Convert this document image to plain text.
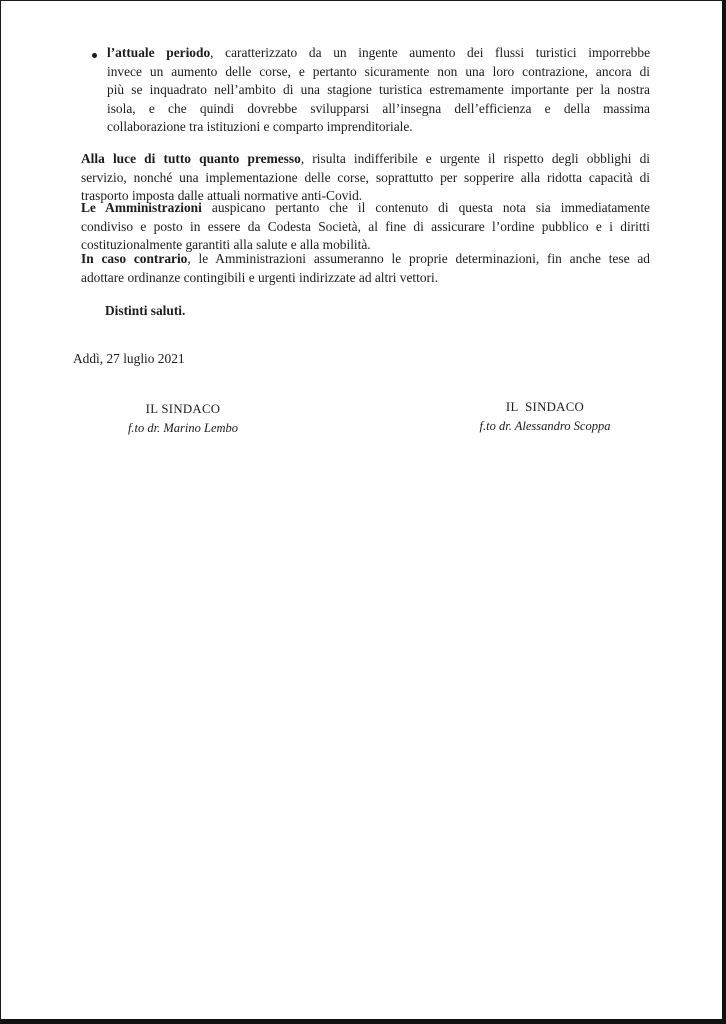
l’attuale periodo, caratterizzato da un ingente aumento dei flussi turistici imporrebbe
invece un aumento delle corse, e pertanto sicuramente non una loro contrazione, ancora di
più se inquadrato nell’ambito di una stagione turistica estremamente importante per la nostra
isola, e che quindi dovrebbe svilupparsi all’insegna dell’efficienza e della massima
collaborazione tra istituzioni e comparto imprenditoriale.
Alla luce di tutto quanto premesso, risulta indifferibile e urgente il rispetto degli obblighi di
servizio, nonché una implementazione delle corse, soprattutto per sopperire alla ridotta capacità di
trasporto imposta dalle attuali normative anti-Covid.
Le Amministrazioni auspicano pertanto che il contenuto di questa nota sia immediatamente
condiviso e posto in essere da Codesta Società, al fine di assicurare l’ordine pubblico e i diritti
costituzionalmente garantiti alla salute e alla mobilità.
In caso contrario, le Amministrazioni assumeranno le proprie determinazioni, fin anche tese ad
adottare ordinanze contingibili e urgenti indirizzate ad altri vettori.
Distinti saluti.
Addì, 27 luglio 2021
IL SINDACO
f.to dr. Marino Lembo
IL  SINDACO
f.to dr. Alessandro Scoppa
